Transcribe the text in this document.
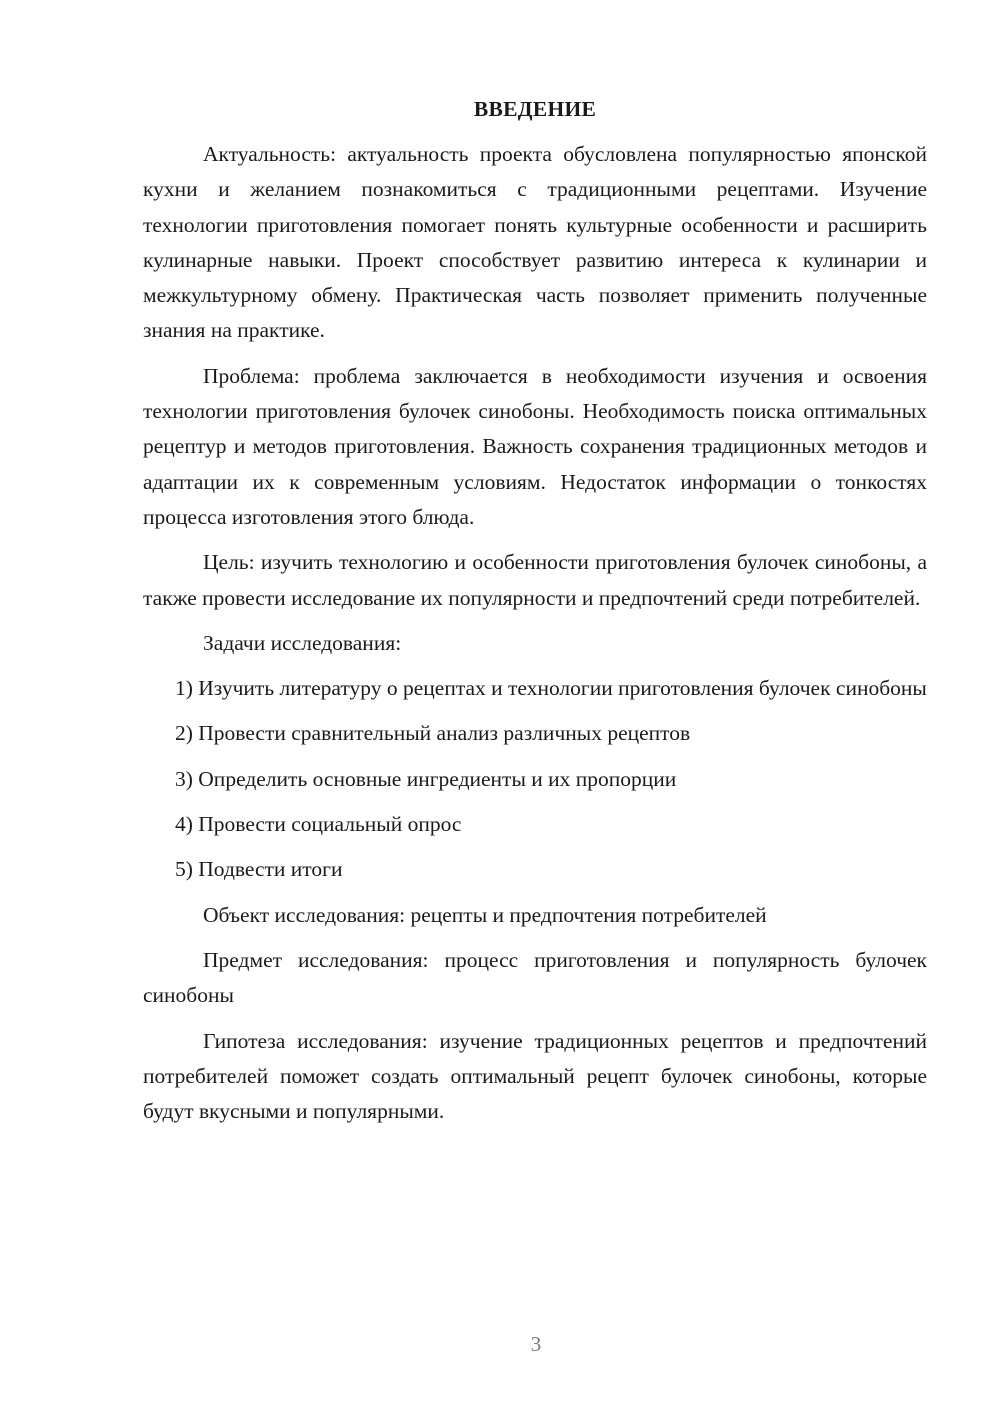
ВВЕДЕНИЕ

Актуальность: актуальность проекта обусловлена популярностью японской кухни и желанием познакомиться с традиционными рецептами. Изучение технологии приготовления помогает понять культурные особенности и расширить кулинарные навыки. Проект способствует развитию интереса к кулинарии и межкультурному обмену. Практическая часть позволяет применить полученные знания на практике.

Проблема: проблема заключается в необходимости изучения и освоения технологии приготовления булочек синобоны. Необходимость поиска оптимальных рецептур и методов приготовления. Важность сохранения традиционных методов и адаптации их к современным условиям. Недостаток информации о тонкостях процесса изготовления этого блюда.

Цель: изучить технологию и особенности приготовления булочек синобоны, а также провести исследование их популярности и предпочтений среди потребителей.

Задачи исследования:

1) Изучить литературу о рецептах и технологии приготовления булочек синобоны

2) Провести сравнительный анализ различных рецептов

3) Определить основные ингредиенты и их пропорции

4) Провести социальный опрос

5) Подвести итоги

Объект исследования: рецепты и предпочтения потребителей

Предмет исследования: процесс приготовления и популярность булочек синобоны

Гипотеза исследования: изучение традиционных рецептов и предпочтений потребителей поможет создать оптимальный рецепт булочек синобоны, которые будут вкусными и популярными.

3
